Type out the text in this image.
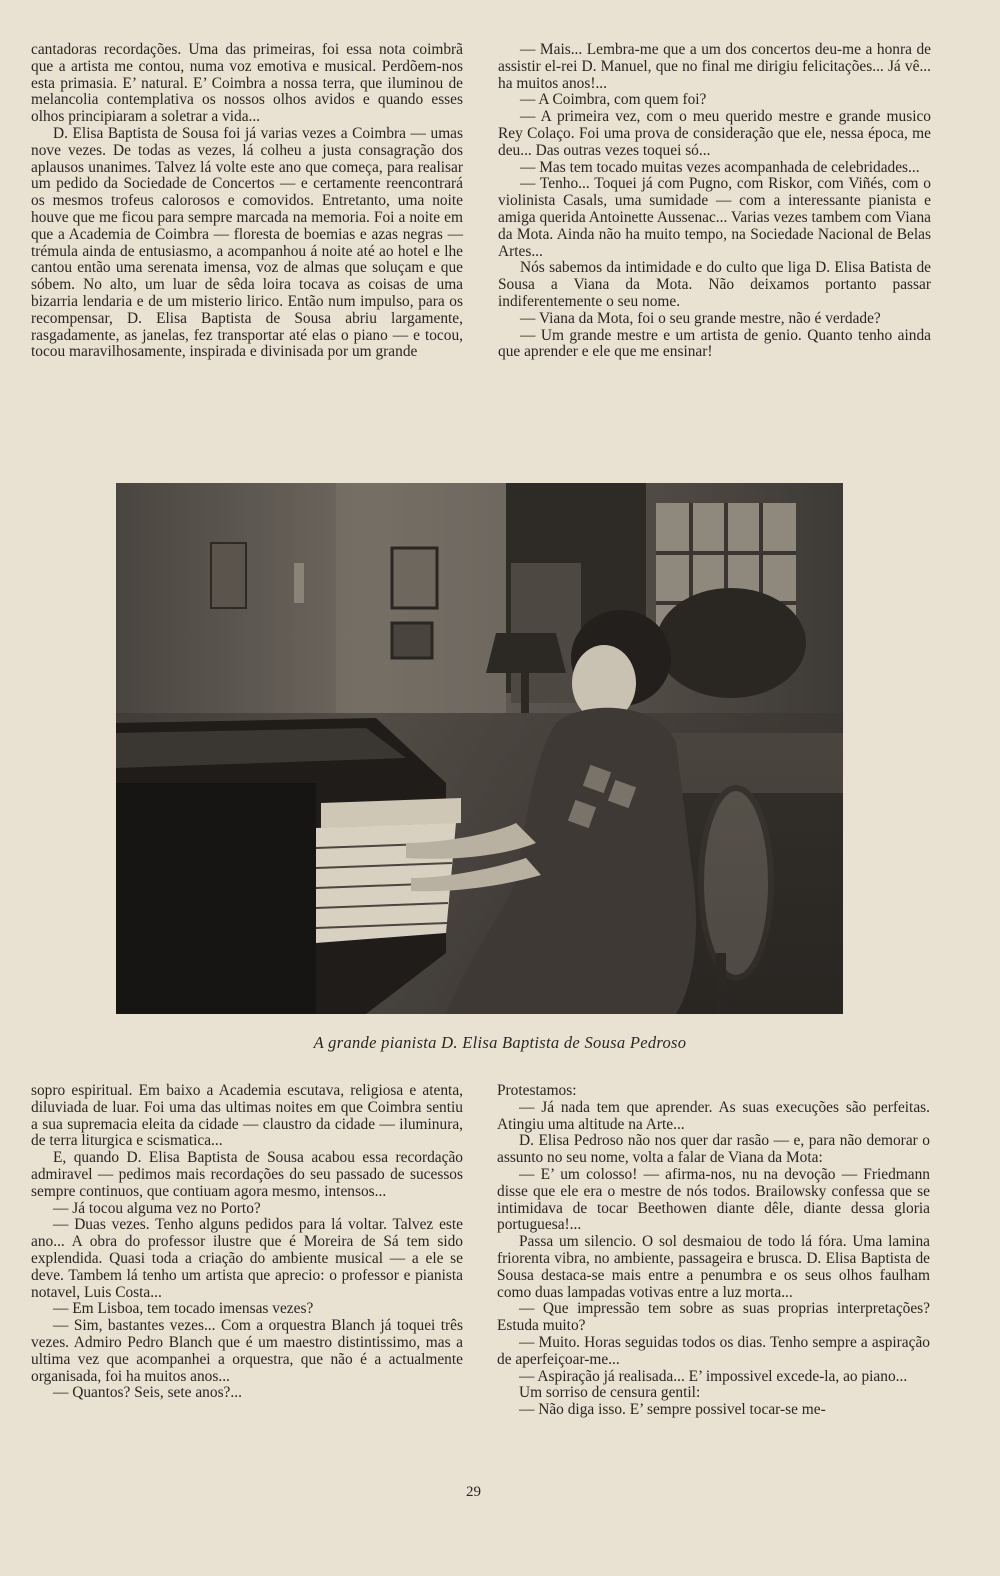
cantadoras recordações. Uma das primeiras, foi essa nota coimbrã que a artista me contou, numa voz emotiva e musical. Perdõem-nos esta primasia. E’ natural. E’ Coimbra a nossa terra, que iluminou de melancolia contemplativa os nossos olhos avidos e quando esses olhos principiaram a soletrar a vida...

D. Elisa Baptista de Sousa foi já varias vezes a Coimbra — umas nove vezes. De todas as vezes, lá colheu a justa consagração dos aplausos unanimes. Talvez lá volte este ano que começa, para realisar um pedido da Sociedade de Concertos — e certamente reencontrará os mesmos trofeus calorosos e comovidos. Entretanto, uma noite houve que me ficou para sempre marcada na memoria. Foi a noite em que a Academia de Coimbra — floresta de boemias e azas negras — trémula ainda de entusiasmo, a acompanhou á noite até ao hotel e lhe cantou então uma serenata imensa, voz de almas que soluçam e que sóbem. No alto, um luar de sêda loira tocava as coisas de uma bizarria lendaria e de um misterio lirico. Então num impulso, para os recompensar, D. Elisa Baptista de Sousa abriu largamente, rasgadamente, as janelas, fez transportar até elas o piano — e tocou, tocou maravilhosamente, inspirada e divinisada por um grande

— Mais... Lembra-me que a um dos concertos deu-me a honra de assistir el-rei D. Manuel, que no final me dirigiu felicitações... Já vê... ha muitos anos!...

— A Coimbra, com quem foi?

— A primeira vez, com o meu querido mestre e grande musico Rey Colaço. Foi uma prova de consideração que ele, nessa época, me deu... Das outras vezes toquei só...

— Mas tem tocado muitas vezes acompanhada de celebridades...

— Tenho... Toquei já com Pugno, com Riskor, com Viñés, com o violinista Casals, uma sumidade — com a interessante pianista e amiga querida Antoinette Aussenac... Varias vezes tambem com Viana da Mota. Ainda não ha muito tempo, na Sociedade Nacional de Belas Artes...

Nós sabemos da intimidade e do culto que liga D. Elisa Batista de Sousa a Viana da Mota. Não deixamos portanto passar indiferentemente o seu nome.

— Viana da Mota, foi o seu grande mestre, não é verdade?

— Um grande mestre e um artista de genio. Quanto tenho ainda que aprender e ele que me ensinar!

A grande pianista D. Elisa Baptista de Sousa Pedroso

sopro espiritual. Em baixo a Academia escutava, religiosa e atenta, diluviada de luar. Foi uma das ultimas noites em que Coimbra sentiu a sua supremacia eleita da cidade — claustro da cidade — iluminura, de terra liturgica e scismatica...

E, quando D. Elisa Baptista de Sousa acabou essa recordação admiravel — pedimos mais recordações do seu passado de sucessos sempre continuos, que contiuam agora mesmo, intensos...

— Já tocou alguma vez no Porto?

— Duas vezes. Tenho alguns pedidos para lá voltar. Talvez este ano... A obra do professor ilustre que é Moreira de Sá tem sido explendida. Quasi toda a criação do ambiente musical — a ele se deve. Tambem lá tenho um artista que aprecio: o professor e pianista notavel, Luis Costa...

— Em Lisboa, tem tocado imensas vezes?

— Sim, bastantes vezes... Com a orquestra Blanch já toquei três vezes. Admiro Pedro Blanch que é um maestro distintissimo, mas a ultima vez que acompanhei a orquestra, que não é a actualmente organisada, foi ha muitos anos...

— Quantos? Seis, sete anos?...

Protestamos:

— Já nada tem que aprender. As suas execuções são perfeitas. Atingiu uma altitude na Arte...

D. Elisa Pedroso não nos quer dar rasão — e, para não demorar o assunto no seu nome, volta a falar de Viana da Mota:

— E’ um colosso! — afirma-nos, nu na devoção — Friedmann disse que ele era o mestre de nós todos. Brailowsky confessa que se intimidava de tocar Beethowen diante dêle, diante dessa gloria portuguesa!...

Passa um silencio. O sol desmaiou de todo lá fóra. Uma lamina friorenta vibra, no ambiente, passageira e brusca. D. Elisa Baptista de Sousa destaca-se mais entre a penumbra e os seus olhos faulham como duas lampadas votivas entre a luz morta...

— Que impressão tem sobre as suas proprias interpretações? Estuda muito?

— Muito. Horas seguidas todos os dias. Tenho sempre a aspiração de aperfeiçoar-me...

— Aspiração já realisada... E’ impossivel excede-la, ao piano...

Um sorriso de censura gentil:

— Não diga isso. E’ sempre possivel tocar-se me-

29
